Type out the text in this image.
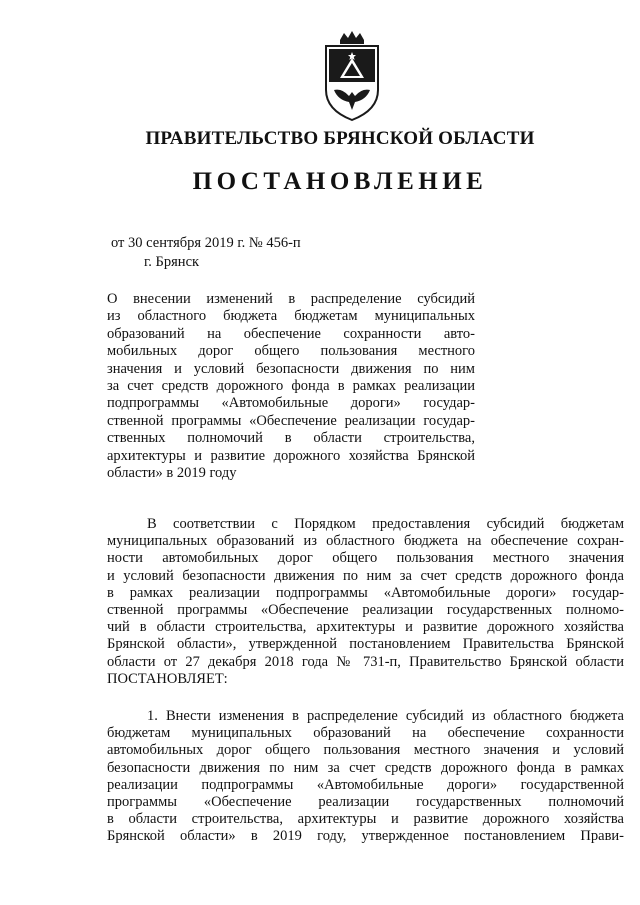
ПРАВИТЕЛЬСТВО БРЯНСКОЙ ОБЛАСТИ
ПОСТАНОВЛЕНИЕ
от 30 сентября 2019 г. № 456-п
г. Брянск
О внесении изменений в распределение субсидий
из областного бюджета бюджетам муниципальных
образований на обеспечение сохранности авто-
мобильных дорог общего пользования местного
значения и условий безопасности движения по ним
за счет средств дорожного фонда в рамках реализации
подпрограммы «Автомобильные дороги» государ-
ственной программы «Обеспечение реализации государ-
ственных полномочий в области строительства,
архитектуры и развитие дорожного хозяйства Брянской
области» в 2019 году
В соответствии с Порядком предоставления субсидий бюджетам
муниципальных образований из областного бюджета на обеспечение сохран-
ности автомобильных дорог общего пользования местного значения
и условий безопасности движения по ним за счет средств дорожного фонда
в рамках реализации подпрограммы «Автомобильные дороги» государ-
ственной программы «Обеспечение реализации государственных полномо-
чий в области строительства, архитектуры и развитие дорожного хозяйства
Брянской области», утвержденной постановлением Правительства Брянской
области от 27 декабря 2018 года № 731-п, Правительство Брянской области
ПОСТАНОВЛЯЕТ:
1. Внести изменения в распределение субсидий из областного бюджета
бюджетам муниципальных образований на обеспечение сохранности
автомобильных дорог общего пользования местного значения и условий
безопасности движения по ним за счет средств дорожного фонда в рамках
реализации подпрограммы «Автомобильные дороги» государственной
программы «Обеспечение реализации государственных полномочий
в области строительства, архитектуры и развитие дорожного хозяйства
Брянской области» в 2019 году, утвержденное постановлением Прави-
